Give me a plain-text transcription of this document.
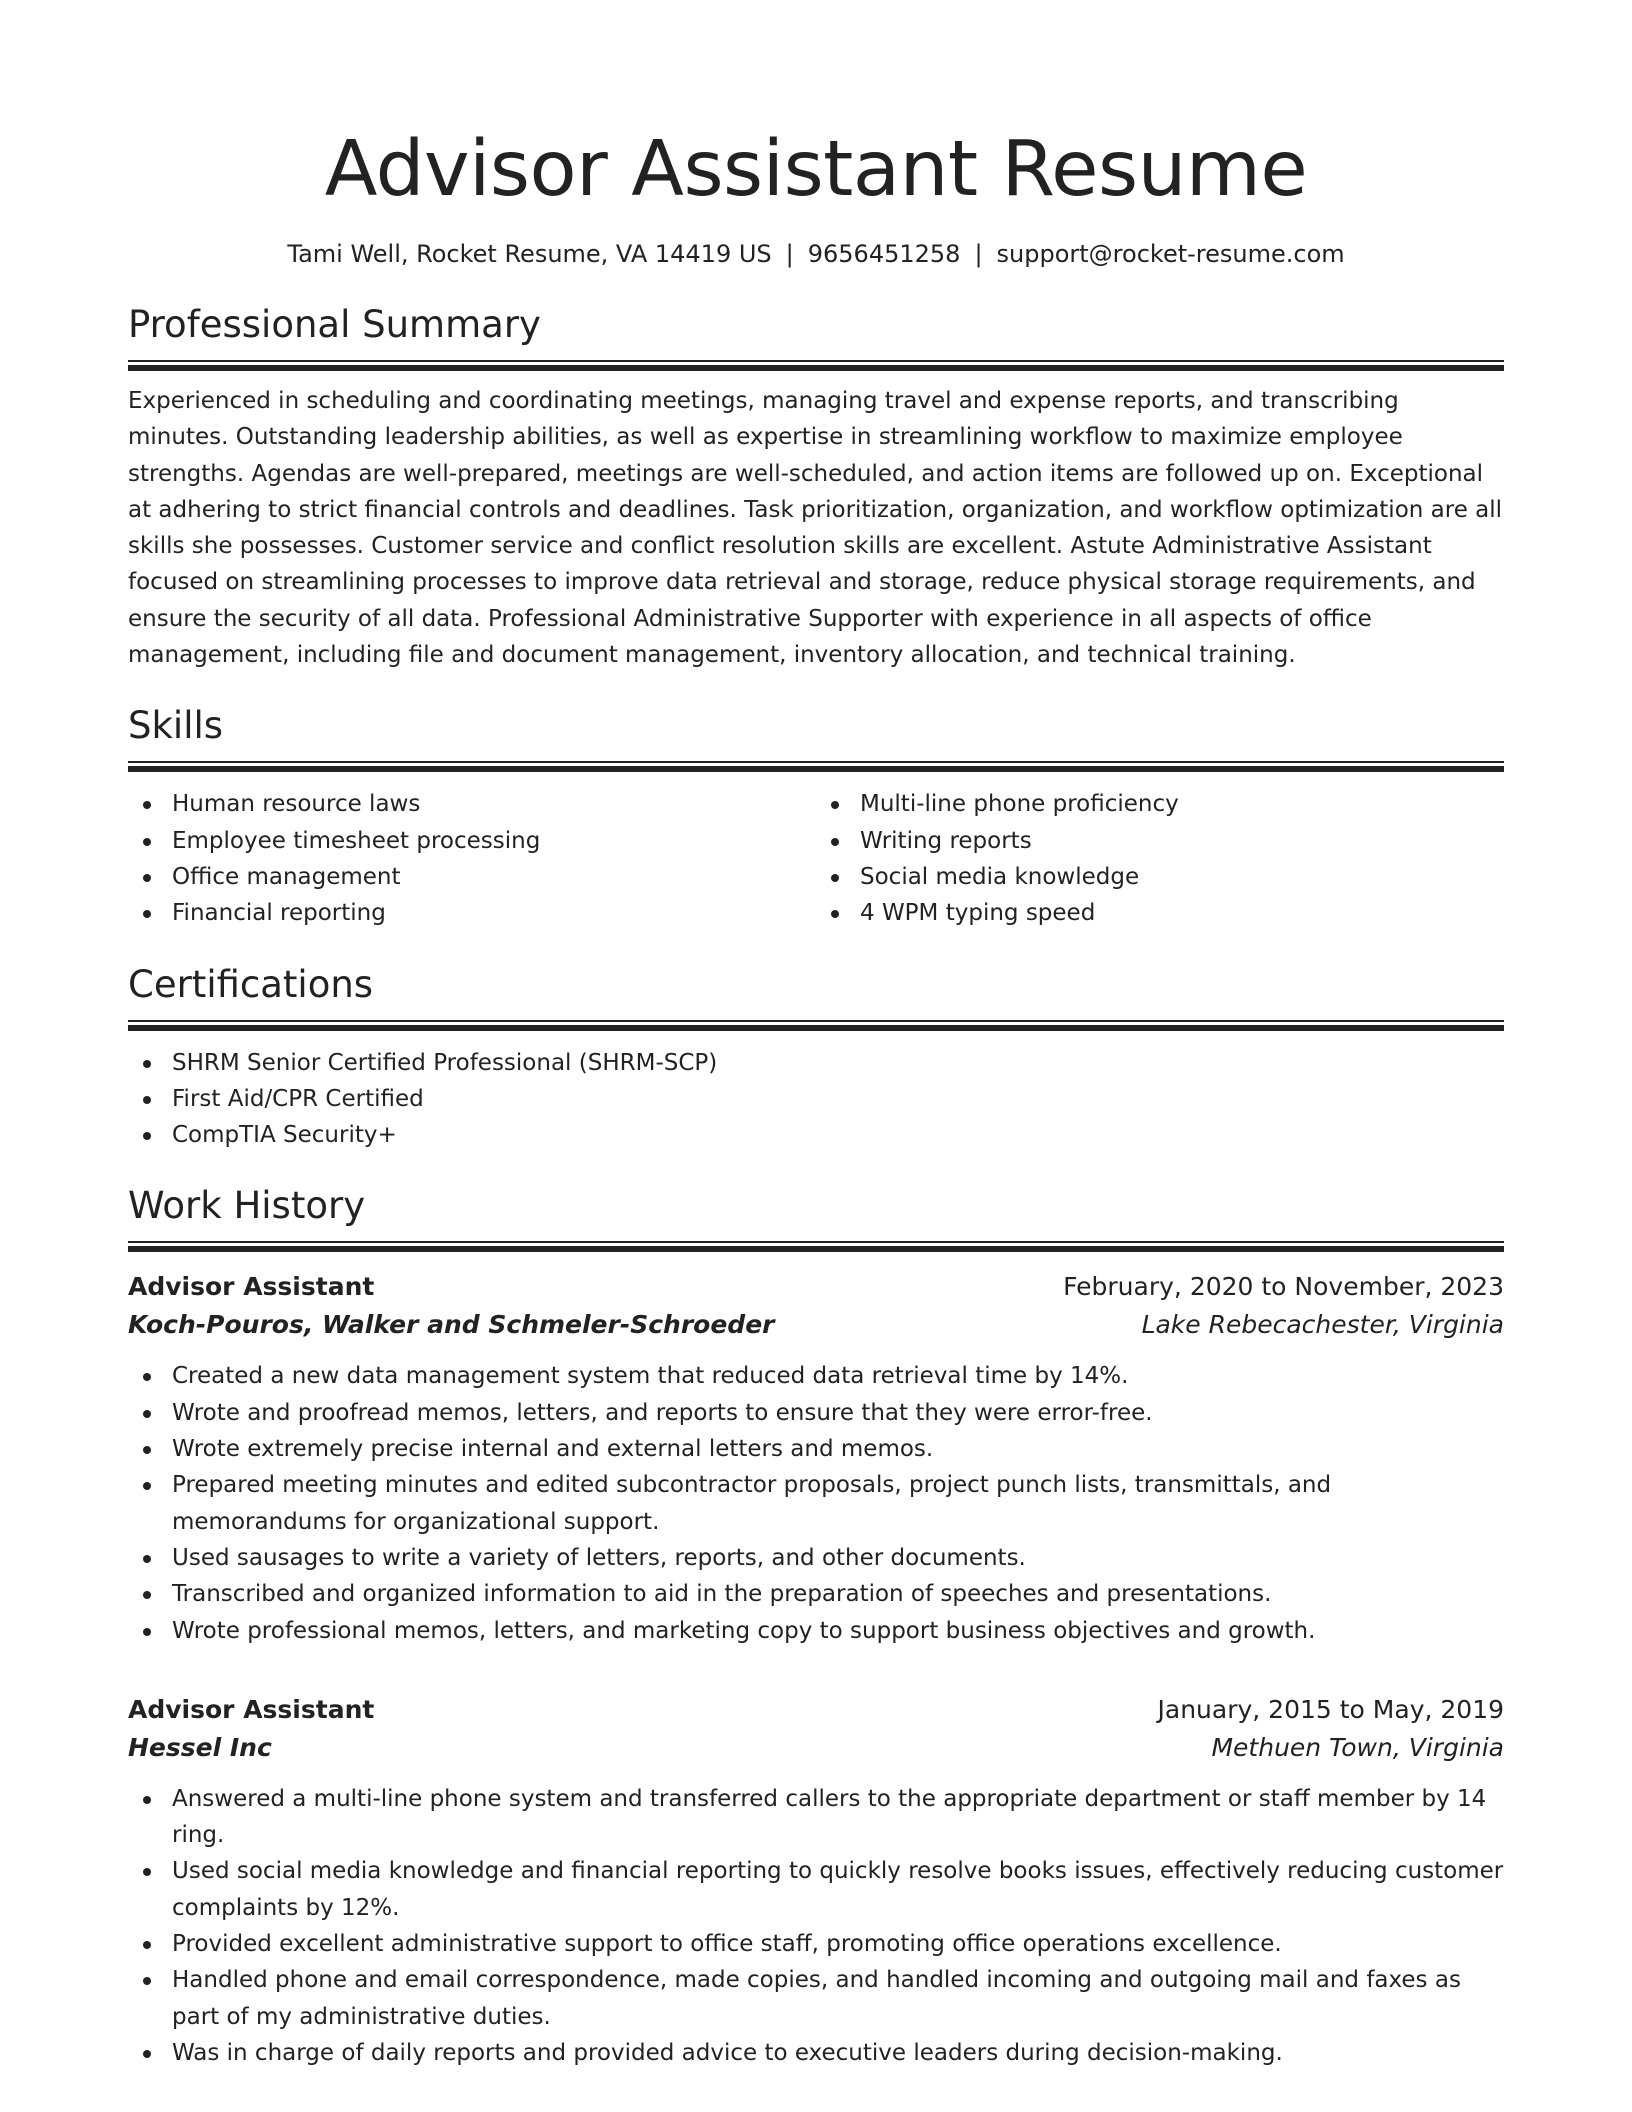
Advisor Assistant Resume
Tami Well, Rocket Resume, VA 14419 US | 9656451258 | support@rocket-resume.com
Professional Summary

Experienced in scheduling and coordinating meetings, managing travel and expense reports, and transcribing minutes. Outstanding leadership abilities, as well as expertise in streamlining workflow to maximize employee strengths. Agendas are well-prepared, meetings are well-scheduled, and action items are followed up on. Exceptional at adhering to strict financial controls and deadlines. Task prioritization, organization, and workflow optimization are all skills she possesses. Customer service and conflict resolution skills are excellent. Astute Administrative Assistant focused on streamlining processes to improve data retrieval and storage, reduce physical storage requirements, and ensure the security of all data. Professional Administrative Supporter with experience in all aspects of office management, including file and document management, inventory allocation, and technical training.

Skills
Human resource laws
Employee timesheet processing
Office management
Financial reporting
Multi-line phone proficiency
Writing reports
Social media knowledge
4 WPM typing speed
Certifications
SHRM Senior Certified Professional (SHRM-SCP)
First Aid/CPR Certified
CompTIA Security+
Work History
Advisor Assistant	February, 2020 to November, 2023
Koch-Pouros, Walker and Schmeler-Schroeder	Lake Rebecachester, Virginia
Created a new data management system that reduced data retrieval time by 14%.
Wrote and proofread memos, letters, and reports to ensure that they were error-free.
Wrote extremely precise internal and external letters and memos.
Prepared meeting minutes and edited subcontractor proposals, project punch lists, transmittals, and memorandums for organizational support.
Used sausages to write a variety of letters, reports, and other documents.
Transcribed and organized information to aid in the preparation of speeches and presentations.
Wrote professional memos, letters, and marketing copy to support business objectives and growth.
Advisor Assistant	January, 2015 to May, 2019
Hessel Inc	Methuen Town, Virginia
Answered a multi-line phone system and transferred callers to the appropriate department or staff member by 14 ring.
Used social media knowledge and financial reporting to quickly resolve books issues, effectively reducing customer complaints by 12%.
Provided excellent administrative support to office staff, promoting office operations excellence.
Handled phone and email correspondence, made copies, and handled incoming and outgoing mail and faxes as part of my administrative duties.
Was in charge of daily reports and provided advice to executive leaders during decision-making.
